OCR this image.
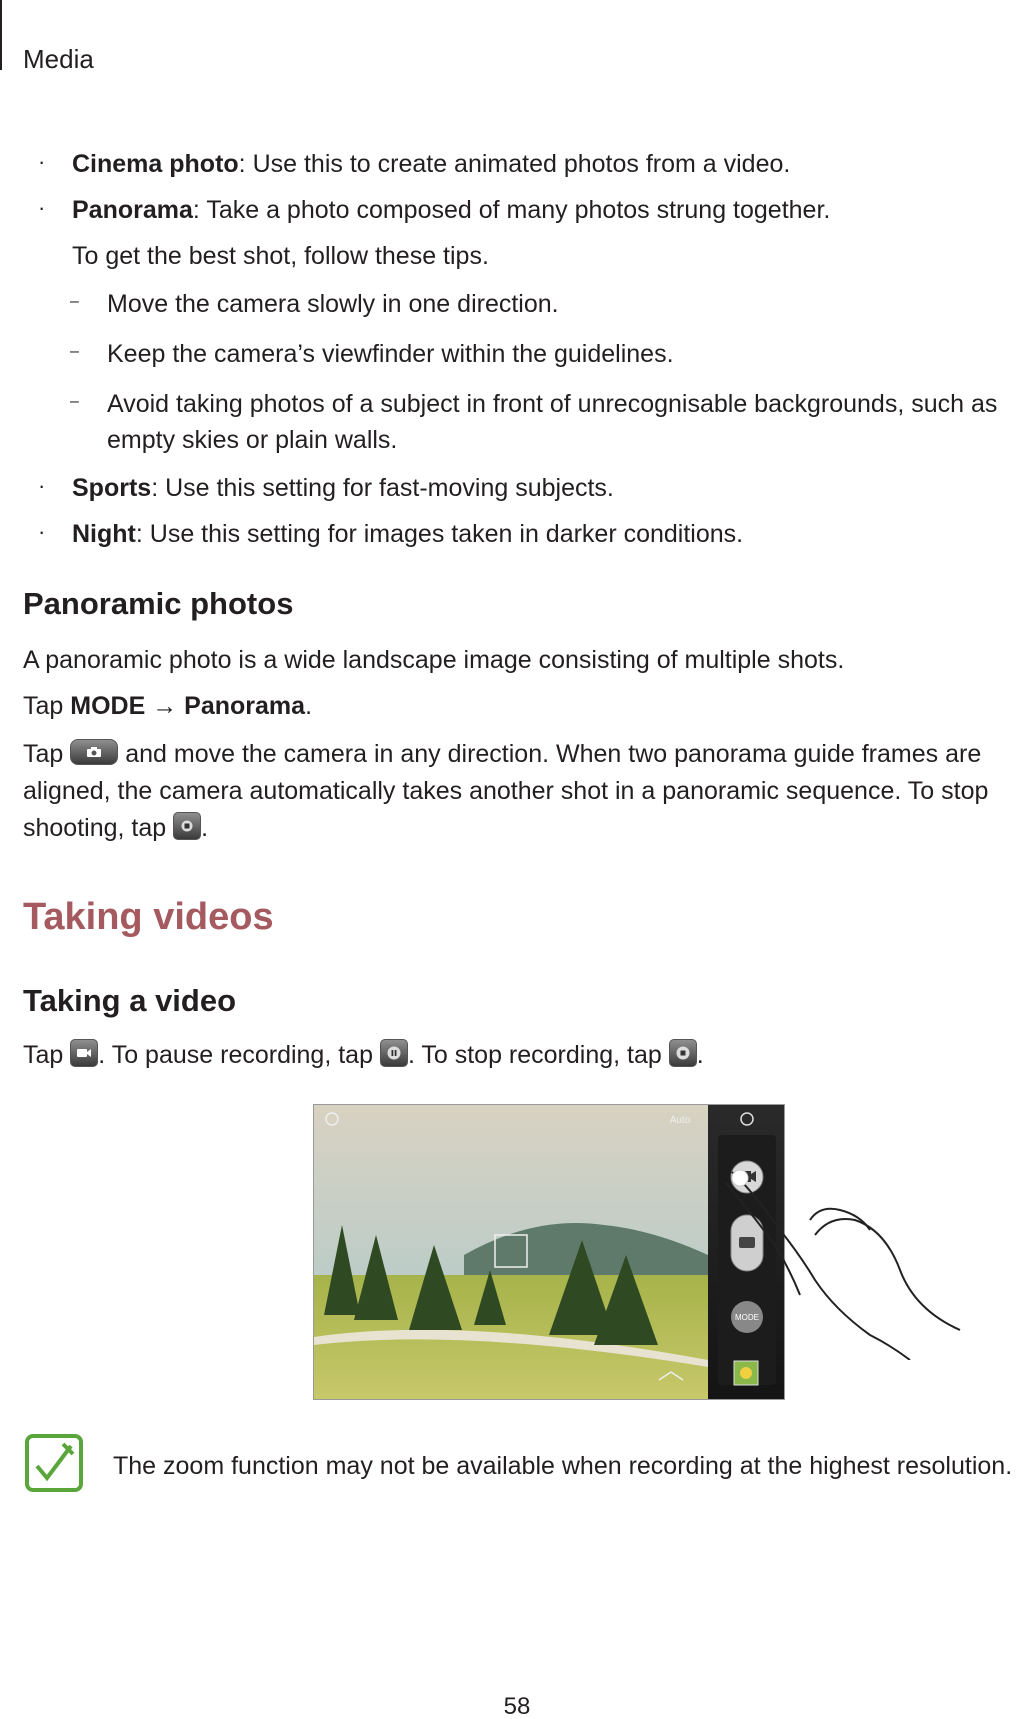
Media
· Cinema photo: Use this to create animated photos from a video.
· Panorama: Take a photo composed of many photos strung together.
To get the best shot, follow these tips.
– Move the camera slowly in one direction.
– Keep the camera’s viewfinder within the guidelines.
– Avoid taking photos of a subject in front of unrecognisable backgrounds, such as
empty skies or plain walls.
· Sports: Use this setting for fast-moving subjects.
· Night: Use this setting for images taken in darker conditions.
Panoramic photos
A panoramic photo is a wide landscape image consisting of multiple shots.
Tap MODE → Panorama.
Tap
and move the camera in any direction. When two panorama guide frames are
aligned, the camera automatically takes another shot in a panoramic sequence. To stop
shooting, tap
.
Taking videos
Taking a video
Tap
. To pause recording, tap
. To stop recording, tap
.
Auto
MODE
The zoom function may not be available when recording at the highest resolution.
58
